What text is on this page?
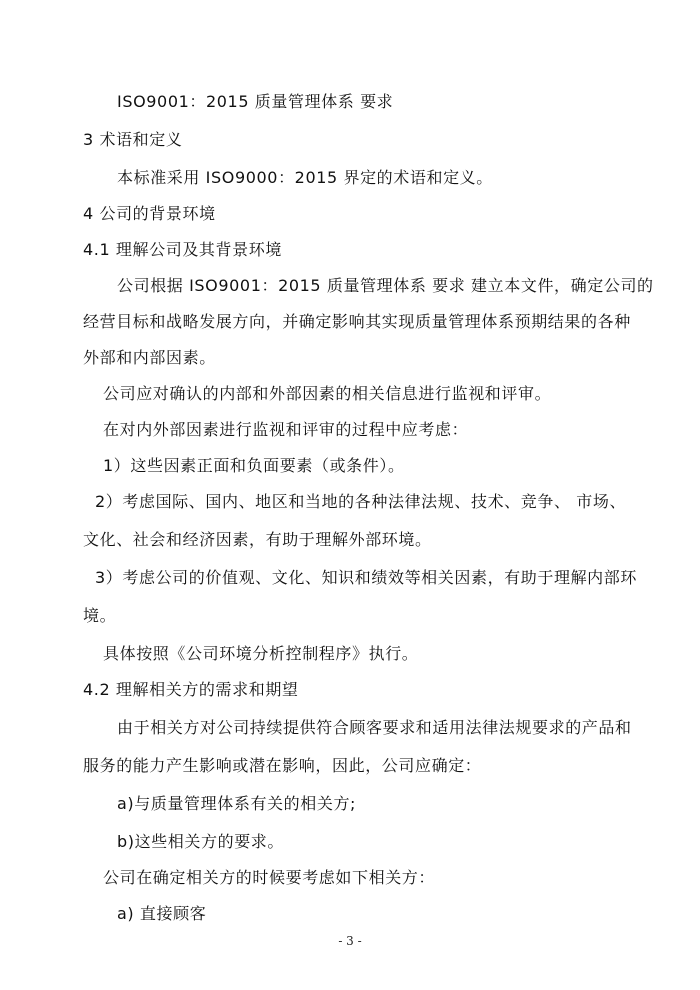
ISO9001：2015 质量管理体系 要求
3 术语和定义
本标准采用 ISO9000：2015 界定的术语和定义。
4 公司的背景环境
4.1 理解公司及其背景环境
公司根据 ISO9001：2015 质量管理体系 要求 建立本文件，确定公司的
经营目标和战略发展方向，并确定影响其实现质量管理体系预期结果的各种
外部和内部因素。
公司应对确认的内部和外部因素的相关信息进行监视和评审。
在对内外部因素进行监视和评审的过程中应考虑：
1）这些因素正面和负面要素（或条件）。
2）考虑国际、国内、地区和当地的各种法律法规、技术、竞争、 市场、
文化、社会和经济因素，有助于理解外部环境。
3）考虑公司的价值观、文化、知识和绩效等相关因素，有助于理解内部环
境。
具体按照《公司环境分析控制程序》执行。
4.2 理解相关方的需求和期望
由于相关方对公司持续提供符合顾客要求和适用法律法规要求的产品和
服务的能力产生影响或潜在影响，因此，公司应确定：
a)与质量管理体系有关的相关方;
b)这些相关方的要求。
公司在确定相关方的时候要考虑如下相关方：
a) 直接顾客
- 3 -
